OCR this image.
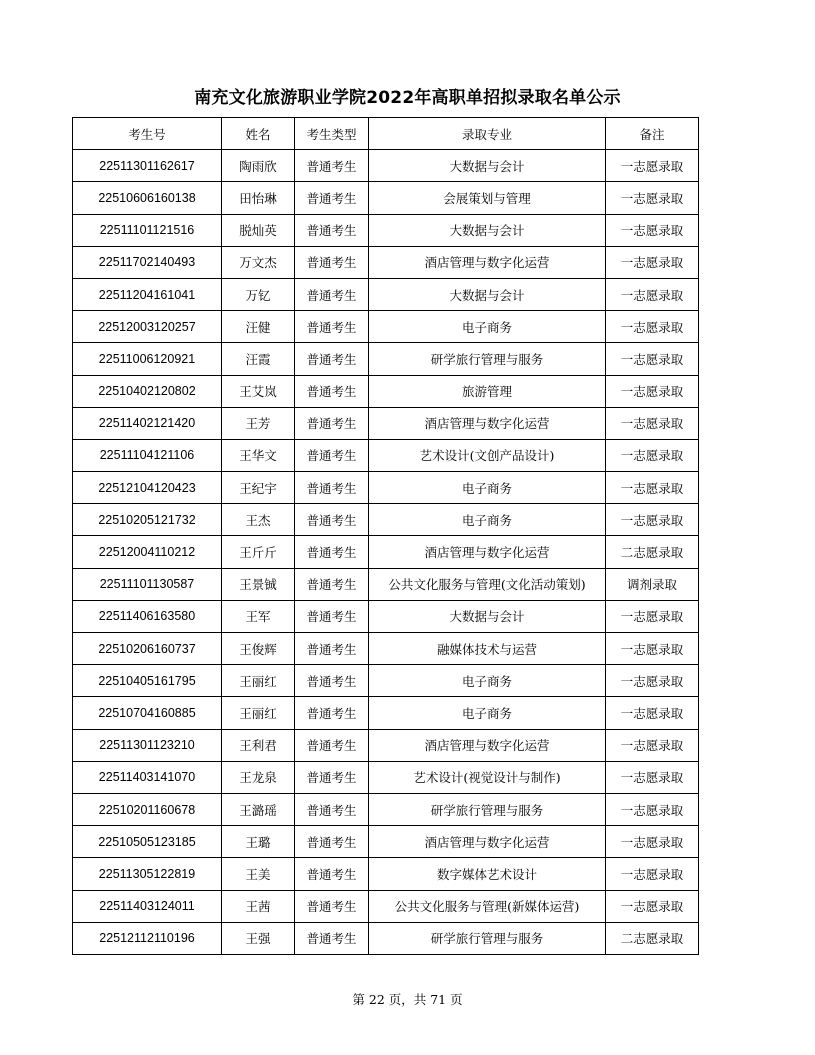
南充文化旅游职业学院2022年高职单招拟录取名单公示
考生号	姓名	考生类型	录取专业	备注
22511301162617	陶雨欣	普通考生	大数据与会计	一志愿录取
22510606160138	田怡琳	普通考生	会展策划与管理	一志愿录取
22511101121516	脱灿英	普通考生	大数据与会计	一志愿录取
22511702140493	万文杰	普通考生	酒店管理与数字化运营	一志愿录取
22511204161041	万钇	普通考生	大数据与会计	一志愿录取
22512003120257	汪健	普通考生	电子商务	一志愿录取
22511006120921	汪霞	普通考生	研学旅行管理与服务	一志愿录取
22510402120802	王艾岚	普通考生	旅游管理	一志愿录取
22511402121420	王芳	普通考生	酒店管理与数字化运营	一志愿录取
22511104121106	王华文	普通考生	艺术设计(文创产品设计)	一志愿录取
22512104120423	王纪宇	普通考生	电子商务	一志愿录取
22510205121732	王杰	普通考生	电子商务	一志愿录取
22512004110212	王斤斤	普通考生	酒店管理与数字化运营	二志愿录取
22511101130587	王景铖	普通考生	公共文化服务与管理(文化活动策划)	调剂录取
22511406163580	王军	普通考生	大数据与会计	一志愿录取
22510206160737	王俊辉	普通考生	融媒体技术与运营	一志愿录取
22510405161795	王丽红	普通考生	电子商务	一志愿录取
22510704160885	王丽红	普通考生	电子商务	一志愿录取
22511301123210	王利君	普通考生	酒店管理与数字化运营	一志愿录取
22511403141070	王龙泉	普通考生	艺术设计(视觉设计与制作)	一志愿录取
22510201160678	王潞瑶	普通考生	研学旅行管理与服务	一志愿录取
22510505123185	王璐	普通考生	酒店管理与数字化运营	一志愿录取
22511305122819	王美	普通考生	数字媒体艺术设计	一志愿录取
22511403124011	王茜	普通考生	公共文化服务与管理(新媒体运营)	一志愿录取
22512112110196	王强	普通考生	研学旅行管理与服务	二志愿录取
第 22 页，共 71 页
